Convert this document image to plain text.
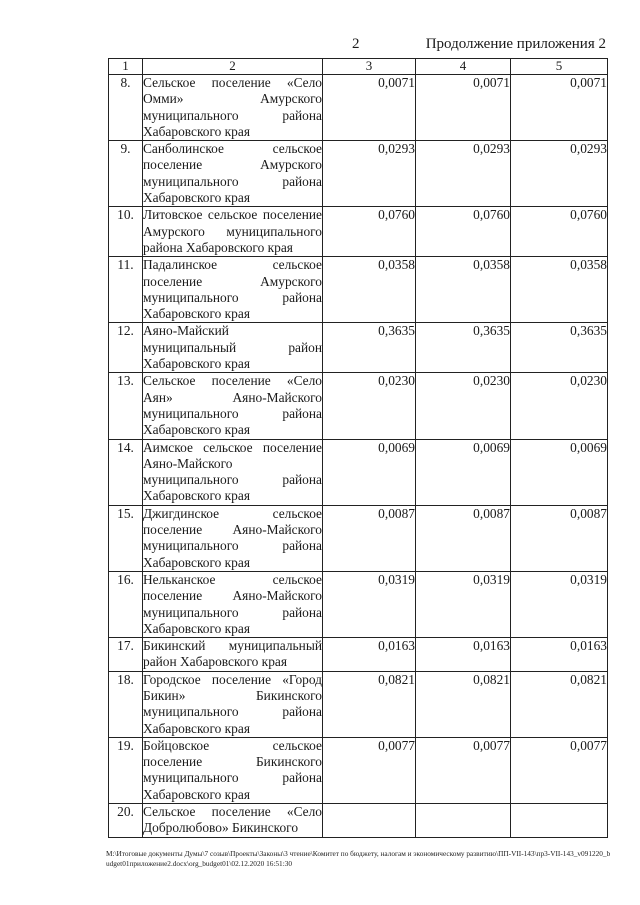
2	Продолжение приложения 2
1	2	3	4	5
8.	Сельское поселение «Село Омми» Амурского муниципального района Хабаровского края	0,0071	0,0071	0,0071
9.	Санболинское сельское поселение Амурского муниципального района Хабаровского края	0,0293	0,0293	0,0293
10.	Литовское сельское поселение Амурского муниципального района Хабаровского края	0,0760	0,0760	0,0760
11.	Падалинское сельское поселение Амурского муниципального района Хабаровского края	0,0358	0,0358	0,0358
12.	Аяно-Майский муниципальный район Хабаровского края	0,3635	0,3635	0,3635
13.	Сельское поселение «Село Аян» Аяно-Майского муниципального района Хабаровского края	0,0230	0,0230	0,0230
14.	Аимское сельское поселение Аяно-Майского муниципального района Хабаровского края	0,0069	0,0069	0,0069
15.	Джигдинское сельское поселение Аяно-Майского муниципального района Хабаровского края	0,0087	0,0087	0,0087
16.	Нельканское сельское поселение Аяно-Майского муниципального района Хабаровского края	0,0319	0,0319	0,0319
17.	Бикинский муниципальный район Хабаровского края	0,0163	0,0163	0,0163
18.	Городское поселение «Город Бикин» Бикинского муниципального района Хабаровского края	0,0821	0,0821	0,0821
19.	Бойцовское сельское поселение Бикинского муниципального района Хабаровского края	0,0077	0,0077	0,0077
20.	Сельское поселение «Село Добролюбово» Бикинского			
M:\Итоговые документы Думы\7 созыв\Проекты\Законы\3 чтение\Комитет по бюджету, налогам и экономическому развитию\ПП-VII-143\пр3-VII-143_v091220_budget01приложение2.docx\org_budget01\02.12.2020 16:51:30
